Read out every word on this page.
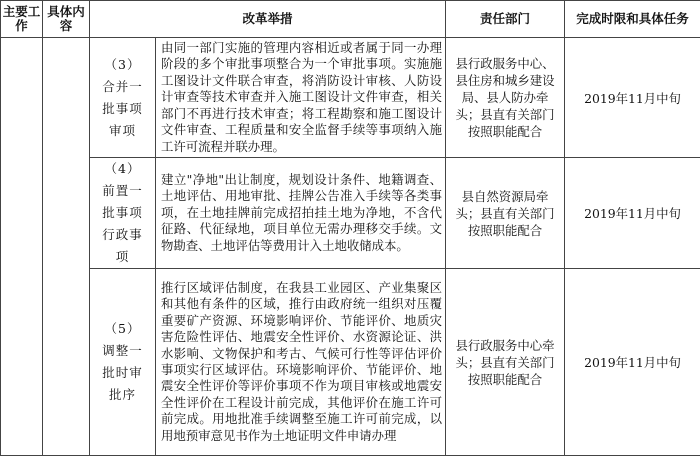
主要工作	具体内容	改革举措		责任部门	完成时限和具体任务
		（3）合并一批事项审项	由同一部门实施的管理内容相近或者属于同一办理阶段的多个审批事项整合为一个审批事项。实施施工图设计文件联合审查，将消防设计审核、人防设计审查等技术审查并入施工图设计文件审查，相关部门不再进行技术审查；将工程勘察和施工图设计文件审查、工程质量和安全监督手续等事项纳入施工许可流程并联办理。	县行政服务中心、县住房和城乡建设局、县人防办牵头；县直有关部门按照职能配合	2019年11月中旬
		（4）前置一批事项行政事项	建立"净地"出让制度，规划设计条件、地籍调查、土地评估、用地审批、挂牌公告准入手续等各类事项，在土地挂牌前完成招拍挂土地为净地，不含代征路、代征绿地，项目单位无需办理移交手续。文物勘查、土地评估等费用计入土地收储成本。	县自然资源局牵头；县直有关部门按照职能配合	2019年11月中旬
		（5）调整一批时审批序	推行区域评估制度，在我县工业园区、产业集聚区和其他有条件的区域，推行由政府统一组织对压覆重要矿产资源、环境影响评价、节能评价、地质灾害危险性评估、地震安全性评价、水资源论证、洪水影响、文物保护和考古、气候可行性等评估评价事项实行区域评估。环境影响评价、节能评价、地震安全性评价等评价事项不作为项目审核或地震安全性评价在工程设计前完成，其他评价在施工许可前完成。用地批准手续调整至施工许可前完成，以用地预审意见书作为土地证明文件申请办理	县行政服务中心牵头；县直有关部门按照职能配合	2019年11月中旬
